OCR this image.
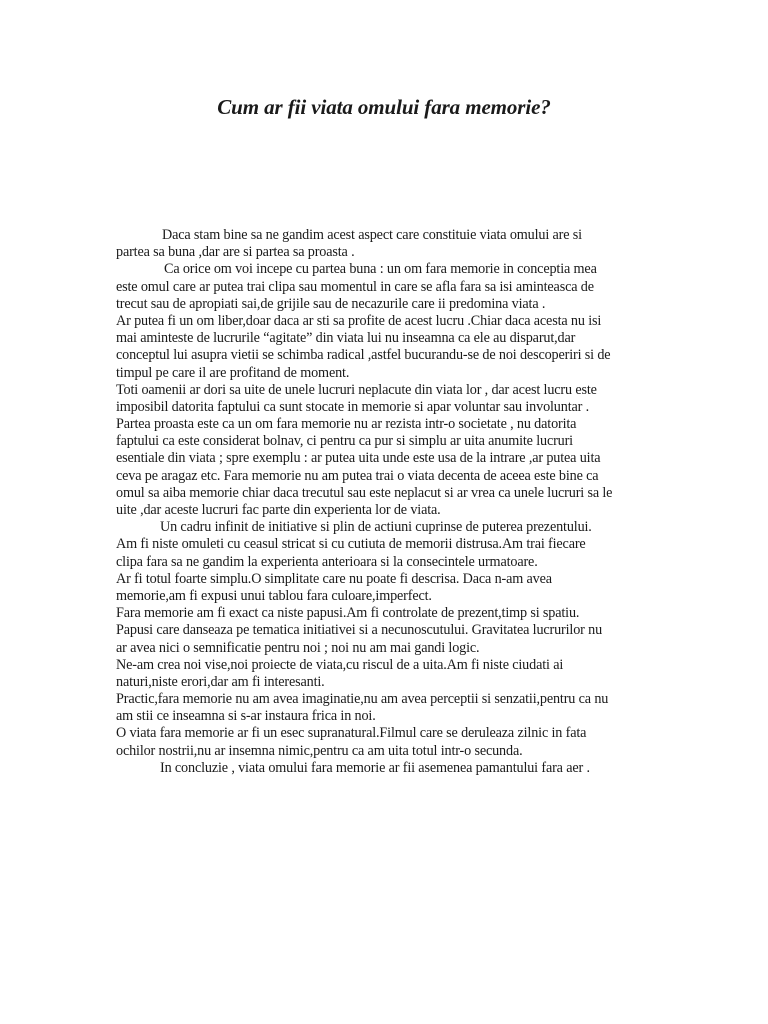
Cum ar fii viata omului fara memorie?
Daca stam bine sa ne gandim acest aspect care constituie viata omului are si
partea sa buna ,dar are si partea sa proasta .
Ca orice om voi incepe cu partea buna : un om fara memorie in conceptia mea
este omul care ar putea trai clipa sau momentul in care se afla fara sa isi aminteasca de
trecut sau de apropiati sai,de grijile sau de necazurile care ii predomina viata .
Ar putea fi un om liber,doar daca ar sti sa profite de acest lucru .Chiar daca acesta nu isi
mai aminteste de lucrurile “agitate” din viata lui nu inseamna ca ele au disparut,dar
conceptul lui asupra vietii se schimba radical ,astfel bucurandu-se de noi descoperiri si de
timpul pe care il are profitand de moment.
Toti oamenii ar dori sa uite de unele lucruri neplacute din viata lor , dar acest lucru este
imposibil datorita faptului ca sunt stocate in memorie si apar voluntar sau involuntar .
Partea proasta este ca un om fara memorie nu ar rezista intr-o societate , nu datorita
faptului ca este considerat bolnav, ci pentru ca pur si simplu ar uita anumite lucruri
esentiale din viata ; spre exemplu : ar putea uita unde este usa de la intrare ,ar putea uita
ceva pe aragaz etc. Fara memorie nu am putea trai o viata decenta de aceea este bine ca
omul sa aiba memorie chiar daca trecutul sau este neplacut si ar vrea ca unele lucruri sa le
uite ,dar aceste lucruri fac parte din experienta lor de viata.
Un cadru infinit de initiative si plin de actiuni cuprinse de puterea prezentului.
Am fi niste omuleti cu ceasul stricat si cu cutiuta de memorii distrusa.Am trai fiecare
clipa fara sa ne gandim la experienta anterioara si la consecintele urmatoare.
Ar fi totul foarte simplu.O simplitate care nu poate fi descrisa. Daca n-am avea
memorie,am fi expusi unui tablou fara culoare,imperfect.
Fara memorie am fi exact ca niste papusi.Am fi controlate de prezent,timp si spatiu.
Papusi care danseaza pe tematica initiativei si a necunoscutului. Gravitatea lucrurilor nu
ar avea nici o semnificatie pentru noi ; noi nu am mai gandi logic.
Ne-am crea noi vise,noi proiecte de viata,cu riscul de a uita.Am fi niste ciudati ai
naturi,niste erori,dar am fi interesanti.
Practic,fara memorie nu am avea imaginatie,nu am avea perceptii si senzatii,pentru ca nu
am stii ce inseamna si s-ar instaura frica in noi.
O viata fara memorie ar fi un esec supranatural.Filmul care se deruleaza zilnic in fata
ochilor nostrii,nu ar insemna nimic,pentru ca am uita totul intr-o secunda.
In concluzie , viata omului fara memorie ar fii asemenea pamantului fara aer .
